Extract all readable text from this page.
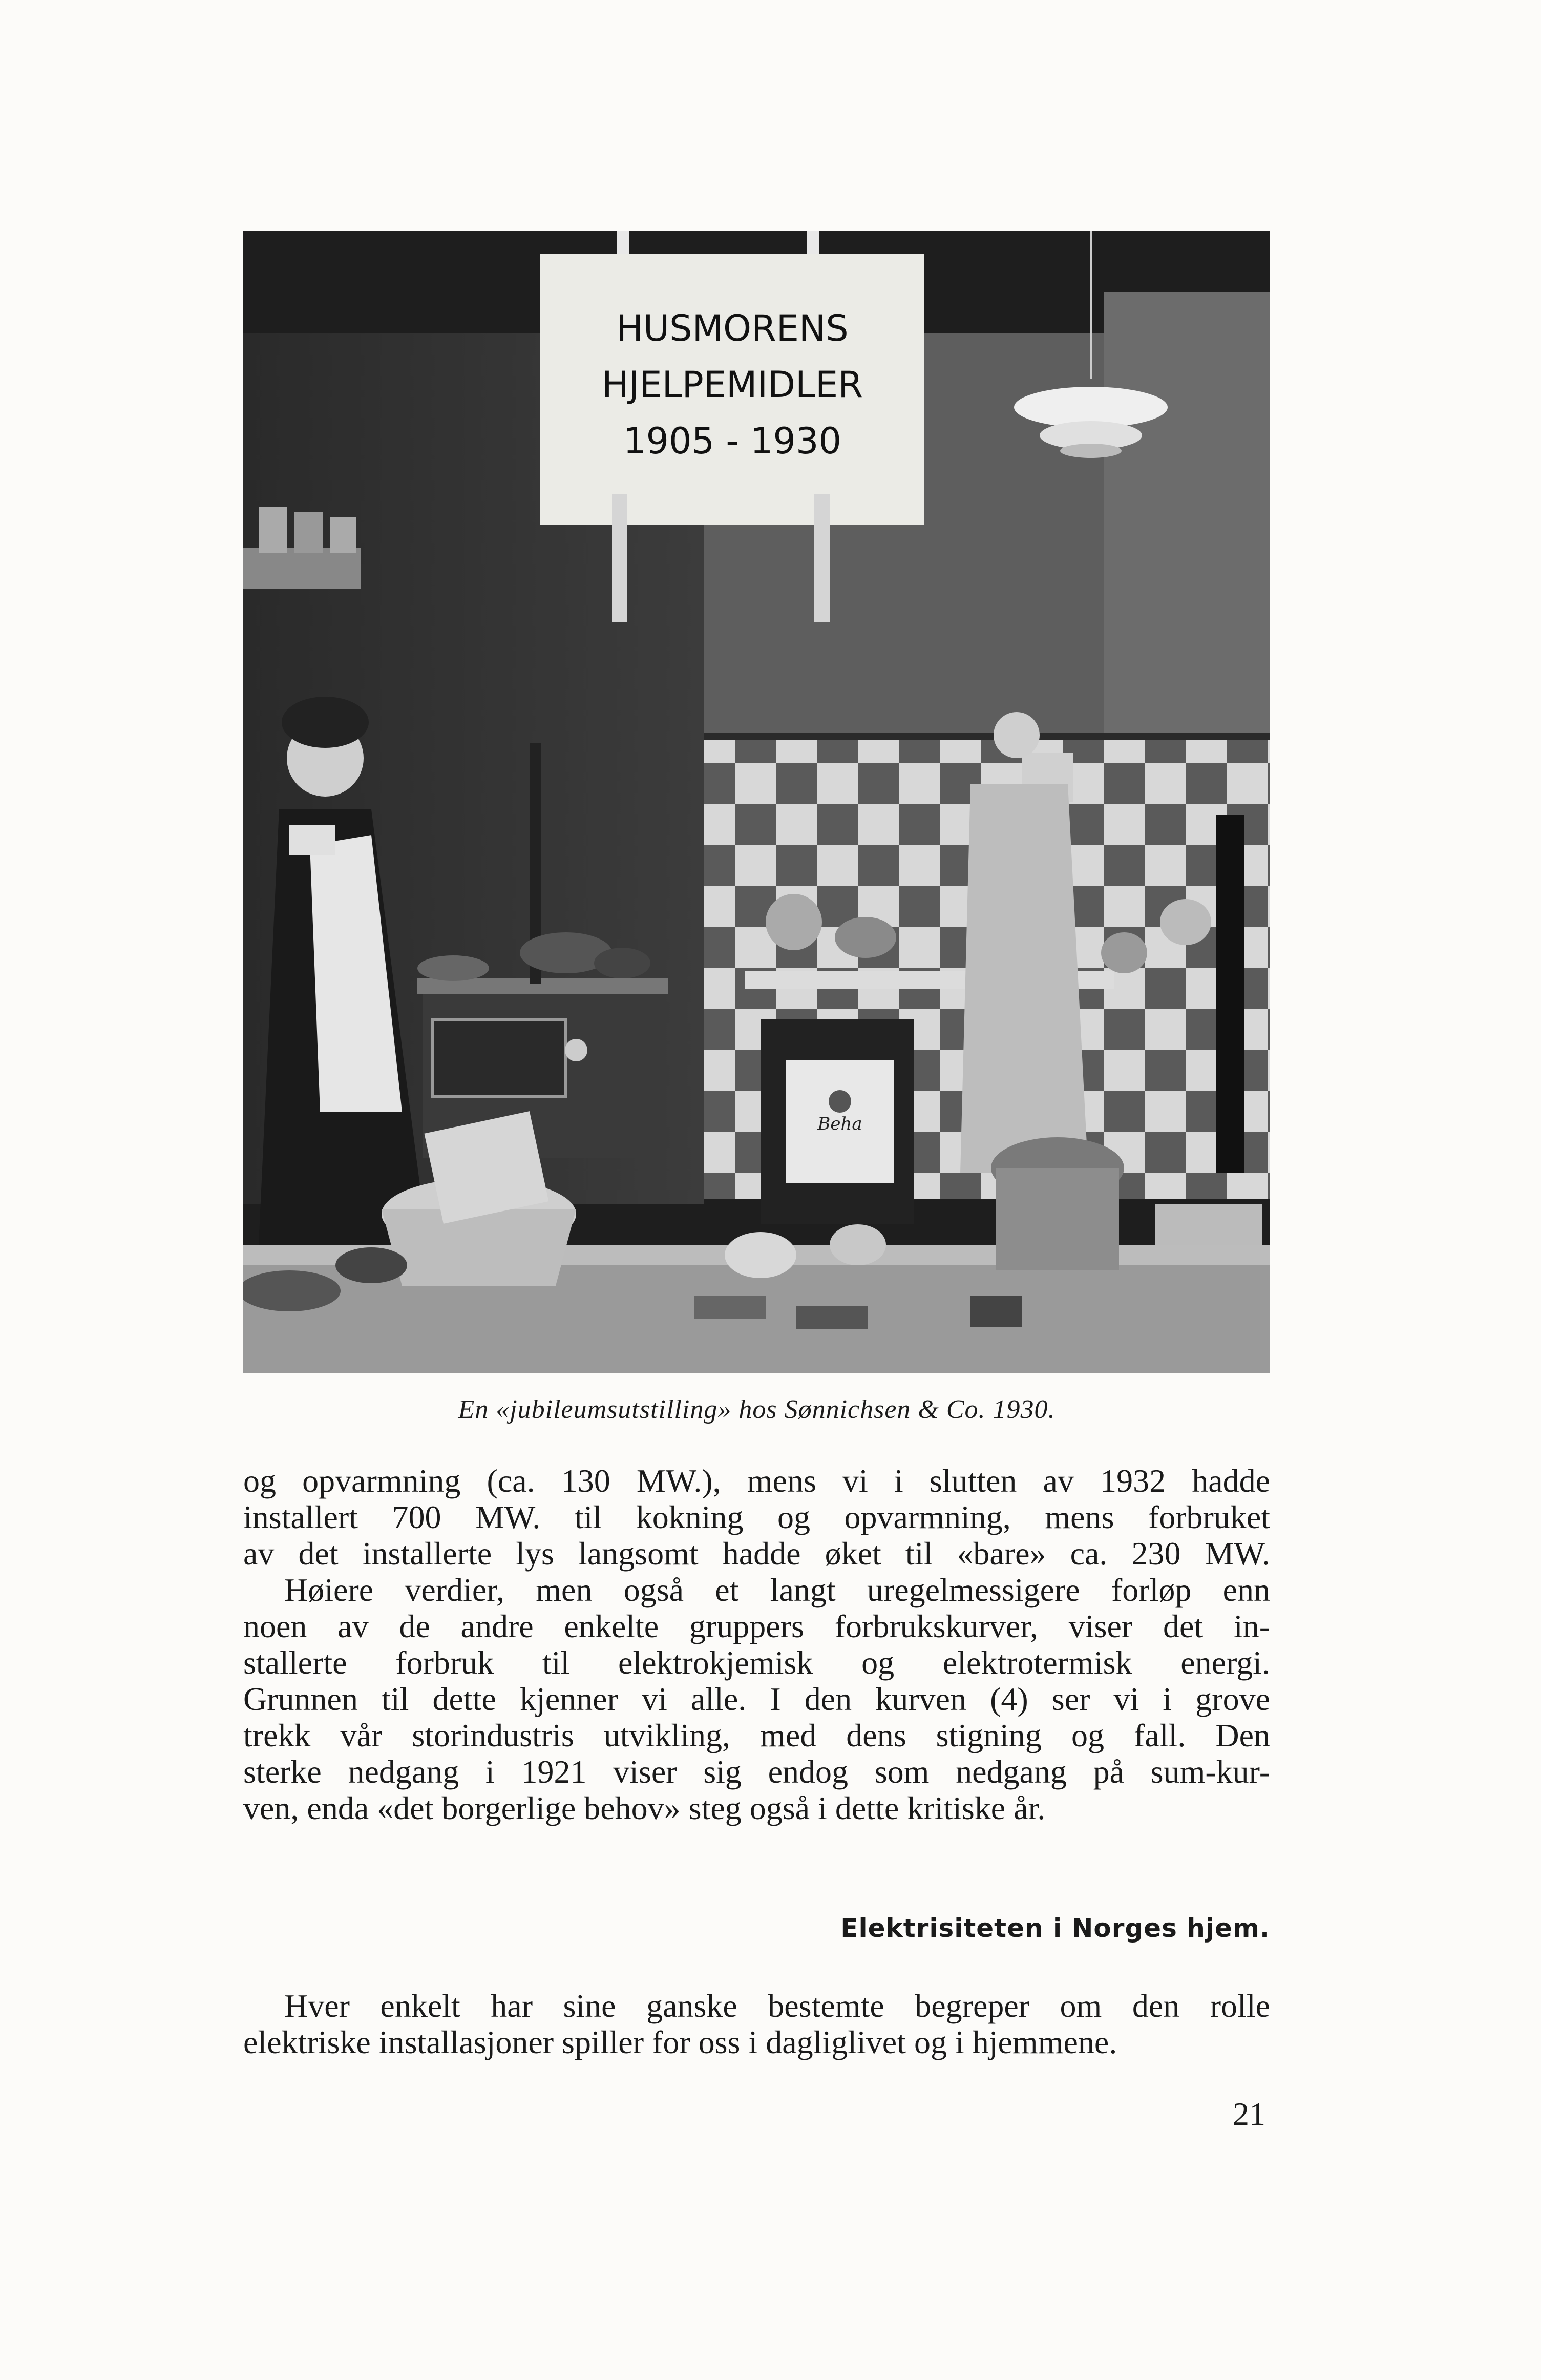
HUSMORENS
HJELPEMIDLER
1905 - 1930
Beha

En «jubileumsutstilling» hos Sønnichsen & Co. 1930.

og opvarmning (ca. 130 MW.), mens vi i slutten av 1932 hadde
installert 700 MW. til kokning og opvarmning, mens forbruket
av det installerte lys langsomt hadde øket til «bare» ca. 230 MW.
Høiere verdier, men også et langt uregelmessigere forløp enn
noen av de andre enkelte gruppers forbrukskurver, viser det in-
stallerte forbruk til elektrokjemisk og elektrotermisk energi.
Grunnen til dette kjenner vi alle. I den kurven (4) ser vi i grove
trekk vår storindustris utvikling, med dens stigning og fall. Den
sterke nedgang i 1921 viser sig endog som nedgang på sum-kur-
ven, enda «det borgerlige behov» steg også i dette kritiske år.

Elektrisiteten i Norges hjem.

Hver enkelt har sine ganske bestemte begreper om den rolle
elektriske installasjoner spiller for oss i dagliglivet og i hjemmene.

21
